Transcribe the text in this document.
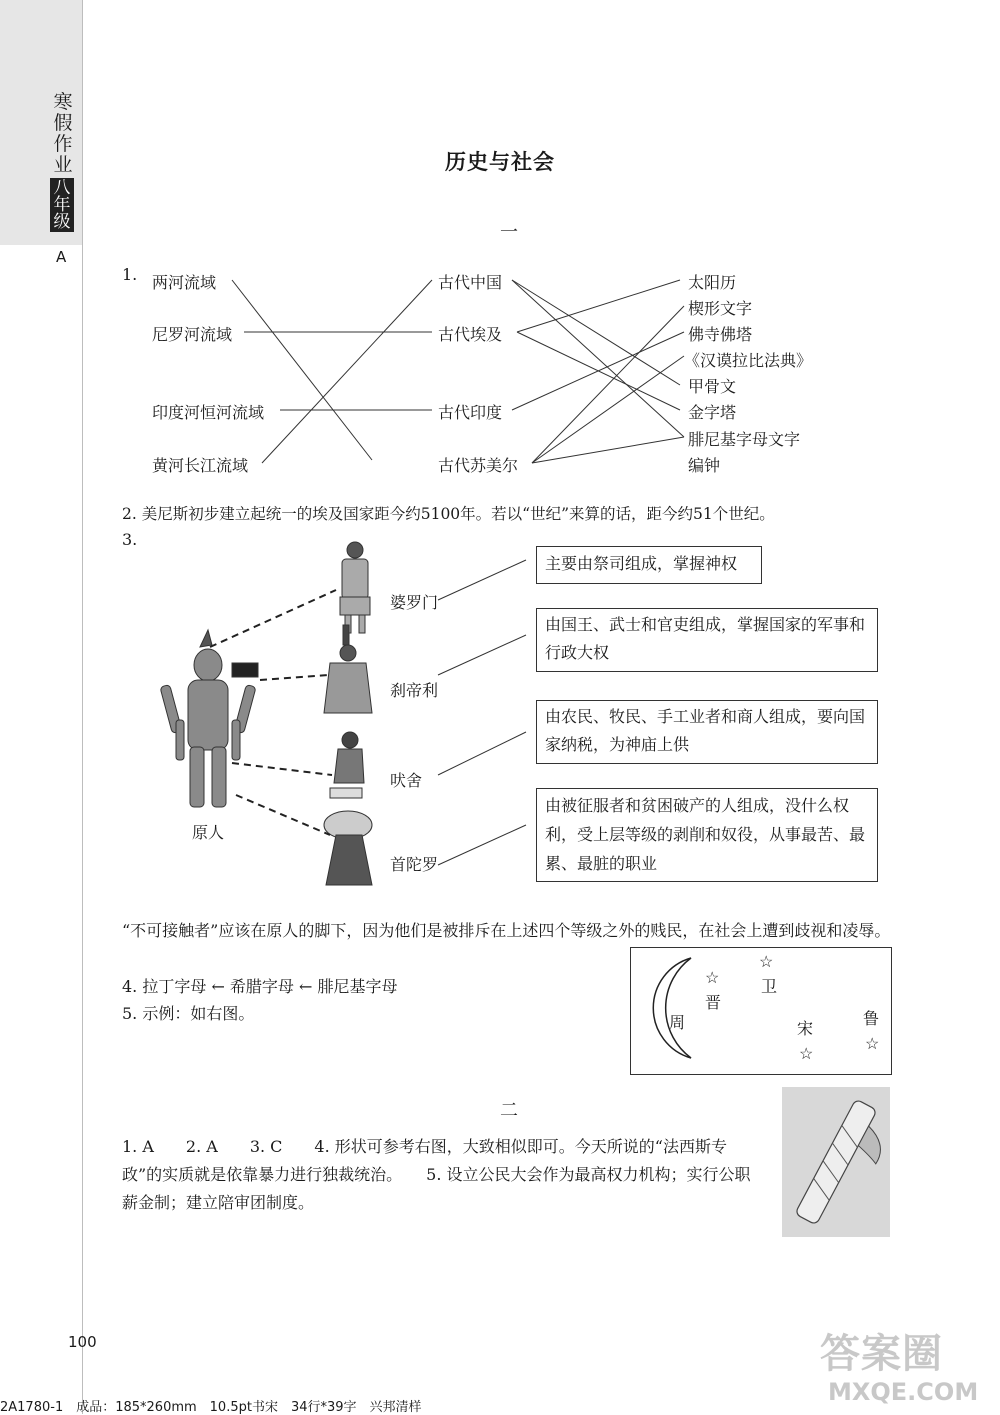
寒
假
作
业
八
年
级
A
历史与社会
一
1. 两河流域
尼罗河流域
印度河恒河流域
黄河长江流域
古代中国
古代埃及
古代印度
古代苏美尔
太阳历
楔形文字
佛寺佛塔
《汉谟拉比法典》
甲骨文
金字塔
腓尼基字母文字
编钟
2. 美尼斯初步建立起统一的埃及国家距今约5100年。若以“世纪”来算的话，距今约51个世纪。
3.
原人
婆罗门
刹帝利
吠舍
首陀罗
主要由祭司组成，掌握神权
由国王、武士和官吏组成，掌握国家的军事和行政大权
由农民、牧民、手工业者和商人组成，要向国家纳税，为神庙上供
由被征服者和贫困破产的人组成，没什么权利，受上层等级的剥削和奴役，从事最苦、最累、最脏的职业
“不可接触者”应该在原人的脚下，因为他们是被排斥在上述四个等级之外的贱民，在社会上遭到歧视和凌辱。
4. 拉丁字母 ← 希腊字母 ← 腓尼基字母
5. 示例：如右图。	周
☆
晋
☆
卫
宋
☆
鲁
☆
二
1. A　　2. A　　3. C　　4. 形状可参考右图，大致相似即可。今天所说的“法西斯专政”的实质就是依靠暴力进行独裁统治。　　5. 设立公民大会作为最高权力机构；实行公职薪金制；建立陪审团制度。
100
2A1780-1　成品：185*260mm　10.5pt书宋　34行*39字　兴邦清样
答案圈
MXQE.COM
